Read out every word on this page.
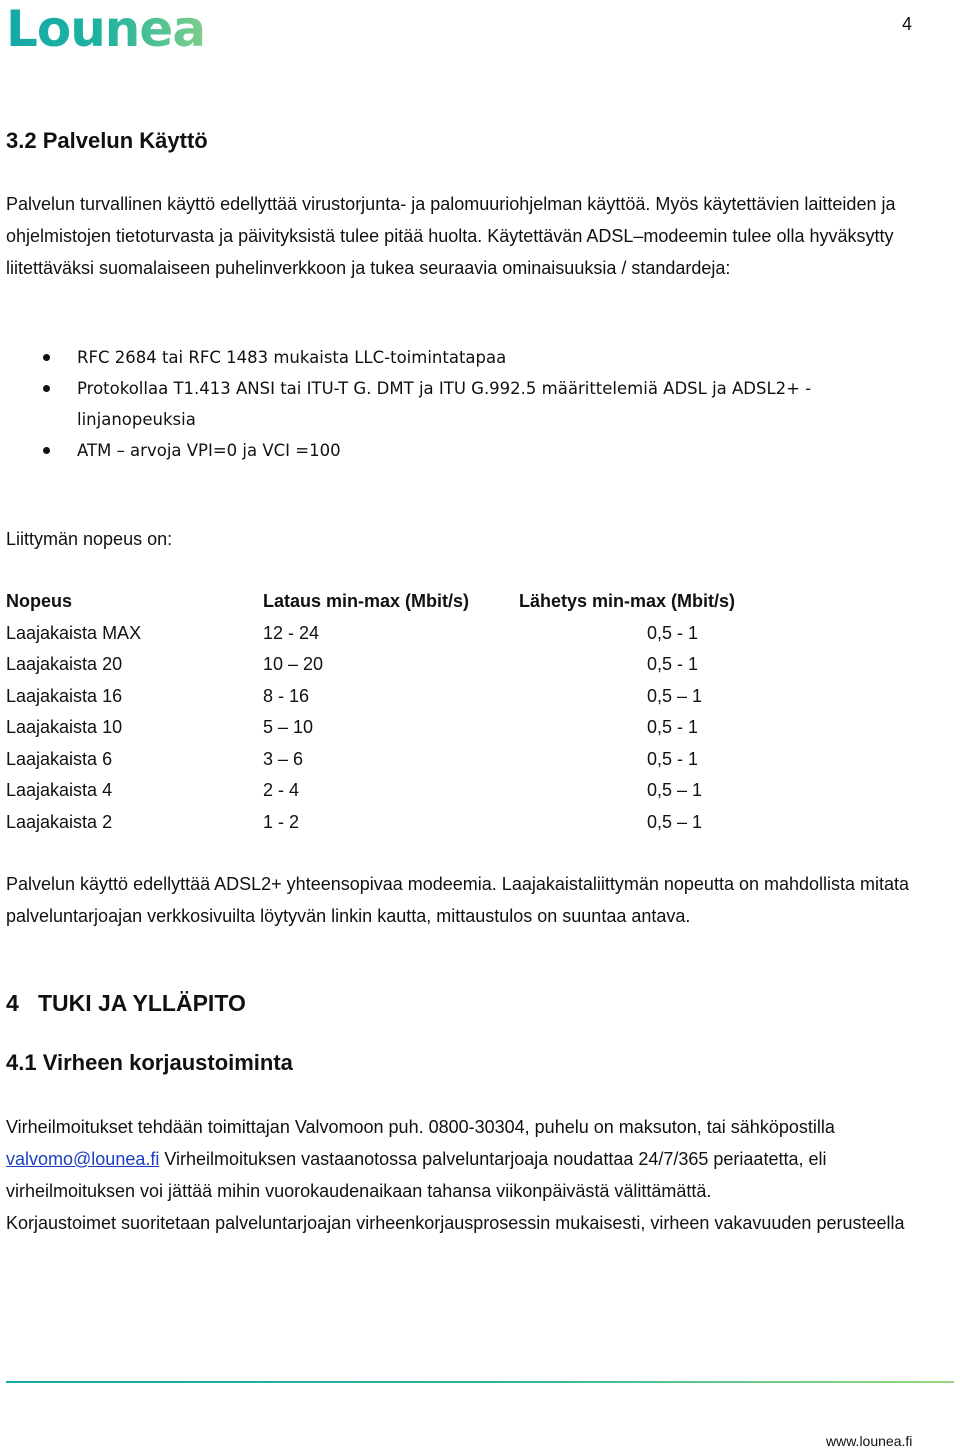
Lounea	4
3.2 Palvelun Käyttö

Palvelun turvallinen käyttö edellyttää virustorjunta- ja palomuuriohjelman käyttöä. Myös käytettävien laitteiden ja ohjelmistojen tietoturvasta ja päivityksistä tulee pitää huolta. Käytettävän ADSL–modeemin tulee olla hyväksytty liitettäväksi suomalaiseen puhelinverkkoon ja tukea seuraavia ominaisuuksia / standardeja:

RFC 2684 tai RFC 1483 mukaista LLC-toimintatapaa
Protokollaa T1.413 ANSI tai ITU-T G. DMT ja ITU G.992.5 määrittelemiä ADSL ja ADSL2+ -linjanopeuksia
ATM – arvoja VPI=0 ja VCI =100

Liittymän nopeus on:

Nopeus	Lataus min-max (Mbit/s)	Lähetys min-max (Mbit/s)
Laajakaista MAX	12 - 24	0,5 - 1
Laajakaista 20	10 – 20	0,5 - 1
Laajakaista 16	8 - 16	0,5 – 1
Laajakaista 10	5 – 10	0,5 - 1
Laajakaista 6	3 – 6	0,5 - 1
Laajakaista 4	2 - 4	0,5 – 1
Laajakaista 2	1 - 2	0,5 – 1

Palvelun käyttö edellyttää ADSL2+ yhteensopivaa modeemia. Laajakaistaliittymän nopeutta on mahdollista mitata palveluntarjoajan verkkosivuilta löytyvän linkin kautta, mittaustulos on suuntaa antava.

4   TUKI JA YLLÄPITO
4.1 Virheen korjaustoiminta
Virheilmoitukset tehdään toimittajan Valvomoon puh. 0800-30304, puhelu on maksuton, tai sähköpostilla valvomo@lounea.fi Virheilmoituksen vastaanotossa palveluntarjoaja noudattaa 24/7/365 periaatetta, eli virheilmoituksen voi jättää mihin vuorokaudenaikaan tahansa viikonpäivästä välittämättä.
Korjaustoimet suoritetaan palveluntarjoajan virheenkorjausprosessin mukaisesti, virheen vakavuuden perusteella
www.lounea.fi
